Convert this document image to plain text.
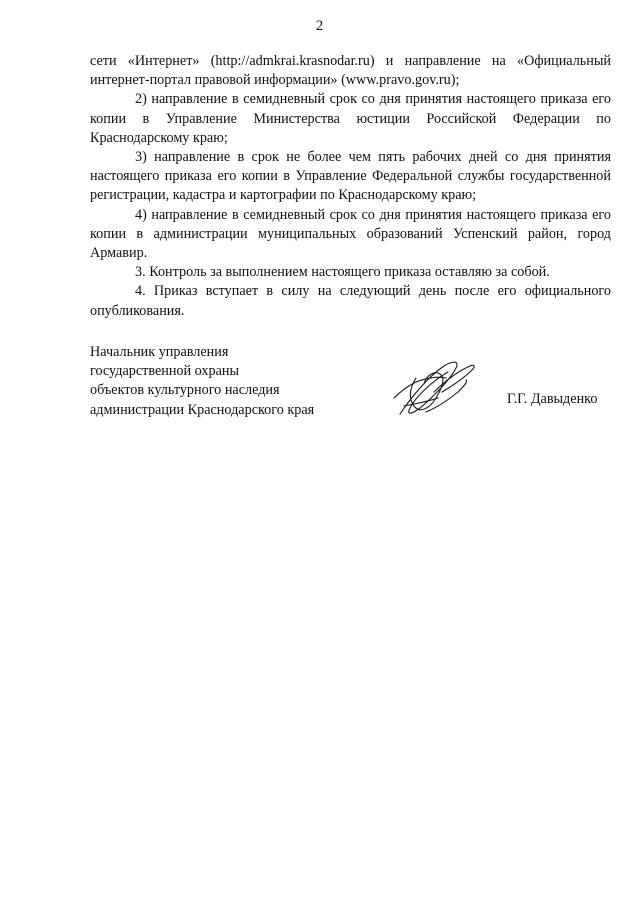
2

сети «Интернет» (http://admkrai.krasnodar.ru) и направление на «Официальный интернет-портал правовой информации» (www.pravo.gov.ru);

2) направление в семидневный срок со дня принятия настоящего приказа его копии в Управление Министерства юстиции Российской Федерации по Краснодарскому краю;

3) направление в срок не более чем пять рабочих дней со дня принятия настоящего приказа его копии в Управление Федеральной службы государственной регистрации, кадастра и картографии по Краснодарскому краю;

4) направление в семидневный срок со дня принятия настоящего приказа его копии в администрации муниципальных образований Успенский район, город Армавир.

3. Контроль за выполнением настоящего приказа оставляю за собой.

4. Приказ вступает в силу на следующий день после его официального опубликования.

Начальник управления
государственной охраны
объектов культурного наследия
администрации Краснодарского края
Г.Г. Давыденко
